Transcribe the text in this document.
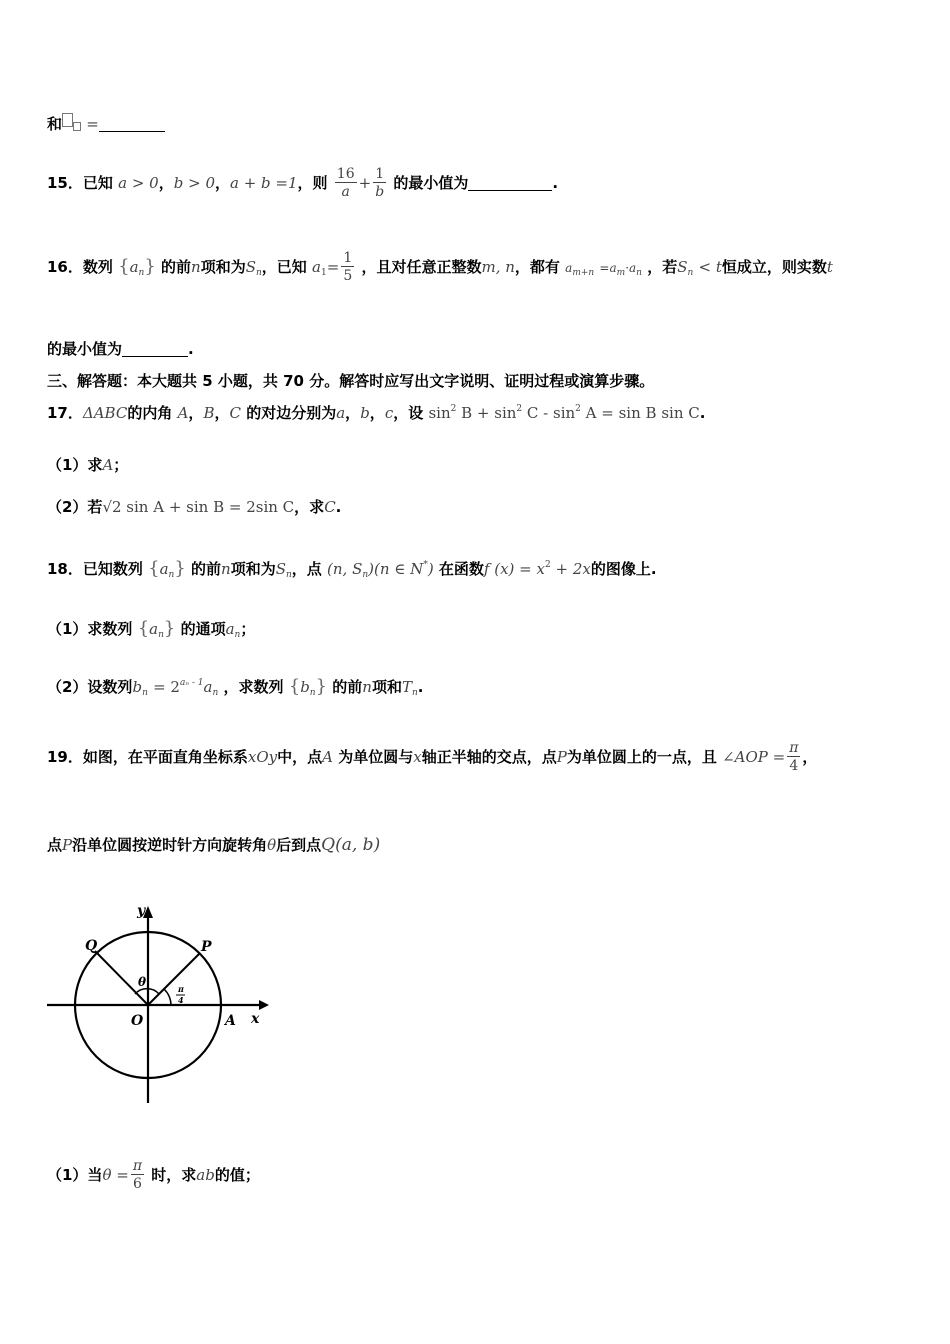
和 =
15．已知 a > 0，b > 0，a + b =1，则 $\frac{16}{a} + \frac{1}{b}$ 的最小值为	.
16．数列 $\{a_n\}$ 的前n项和为$S_n$，已知 $a_1= \frac{1}{5}$ ，且对任意正整数m, n，都有 $a_{m+n} =a_m\cdot a_n$ ，若$S_n < t$恒成立，则实数t
的最小值为	.
三、解答题：本大题共 5 小题，共 70 分。解答时应写出文字说明、证明过程或演算步骤。
17．ΔABC的内角 A，B，C 的对边分别为a，b，c，设 $\sin^2 B + \sin^2 C - \sin^2 A = \sin B$ sin C.
（1）求A；
（2）若√2 sin A + sin B = 2sin C，求C.
18．已知数列 $\{a_n\}$ 的前n项和为$S_n$，点 (n, $S_n)(n$ ∈ N*) 在函数f $(x) = x^2 + 2x$的图像上.
（1）求数列 $\{a_n\}$ 的通项$a_n$；
（2）设数列$b_n = 2^{a_n - 1}a_n$ ，求数列 $\{b_n\}$ 的前n项和$T_n$.
19．如图，在平面直角坐标系xOy中，点A 为单位圆与x轴正半轴的交点，点P为单位圆上的一点，且 ∠AOP = $\frac{\pi}{4}$ ，
点P沿单位圆按逆时针方向旋转角θ后到点Q(a, b)
y
x
O	A
P
Q
θ	π
4
（1）当$\theta = \frac{\pi}{6}$ 时，求ab的值；
